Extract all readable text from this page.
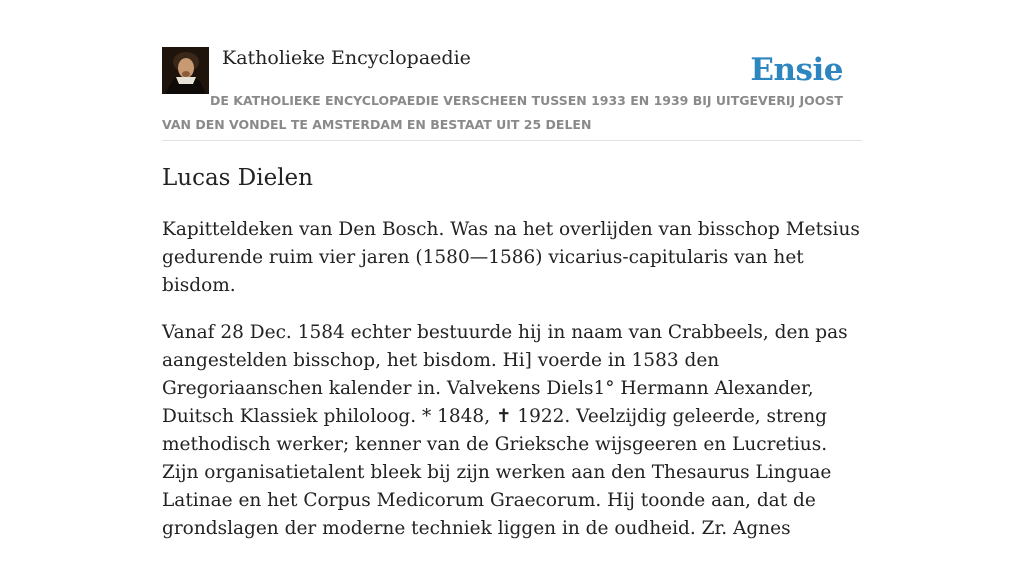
Katholieke Encyclopaedie	Ensie

DE KATHOLIEKE ENCYCLOPAEDIE VERSCHEEN TUSSEN 1933 EN 1939 BIJ UITGEVERIJ JOOST VAN DEN VONDEL TE AMSTERDAM EN BESTAAT UIT 25 DELEN

Lucas Dielen

Kapitteldeken van Den Bosch. Was na het overlijden van bisschop Metsius gedurende ruim vier jaren (1580—1586) vicarius-capitularis van het bisdom.

Vanaf 28 Dec. 1584 echter bestuurde hij in naam van Crabbeels, den pas aangestelden bisschop, het bisdom. Hi] voerde in 1583 den Gregoriaanschen kalender in. Valvekens Diels1° Hermann Alexander, Duitsch Klassiek philoloog. * 1848, ✝ 1922. Veelzijdig geleerde, streng methodisch werker; kenner van de Grieksche wijsgeeren en Lucretius. Zijn organisatietalent bleek bij zijn werken aan den Thesaurus Linguae Latinae en het Corpus Medicorum Graecorum. Hij toonde aan, dat de grondslagen der moderne techniek liggen in de oudheid. Zr. Agnes
